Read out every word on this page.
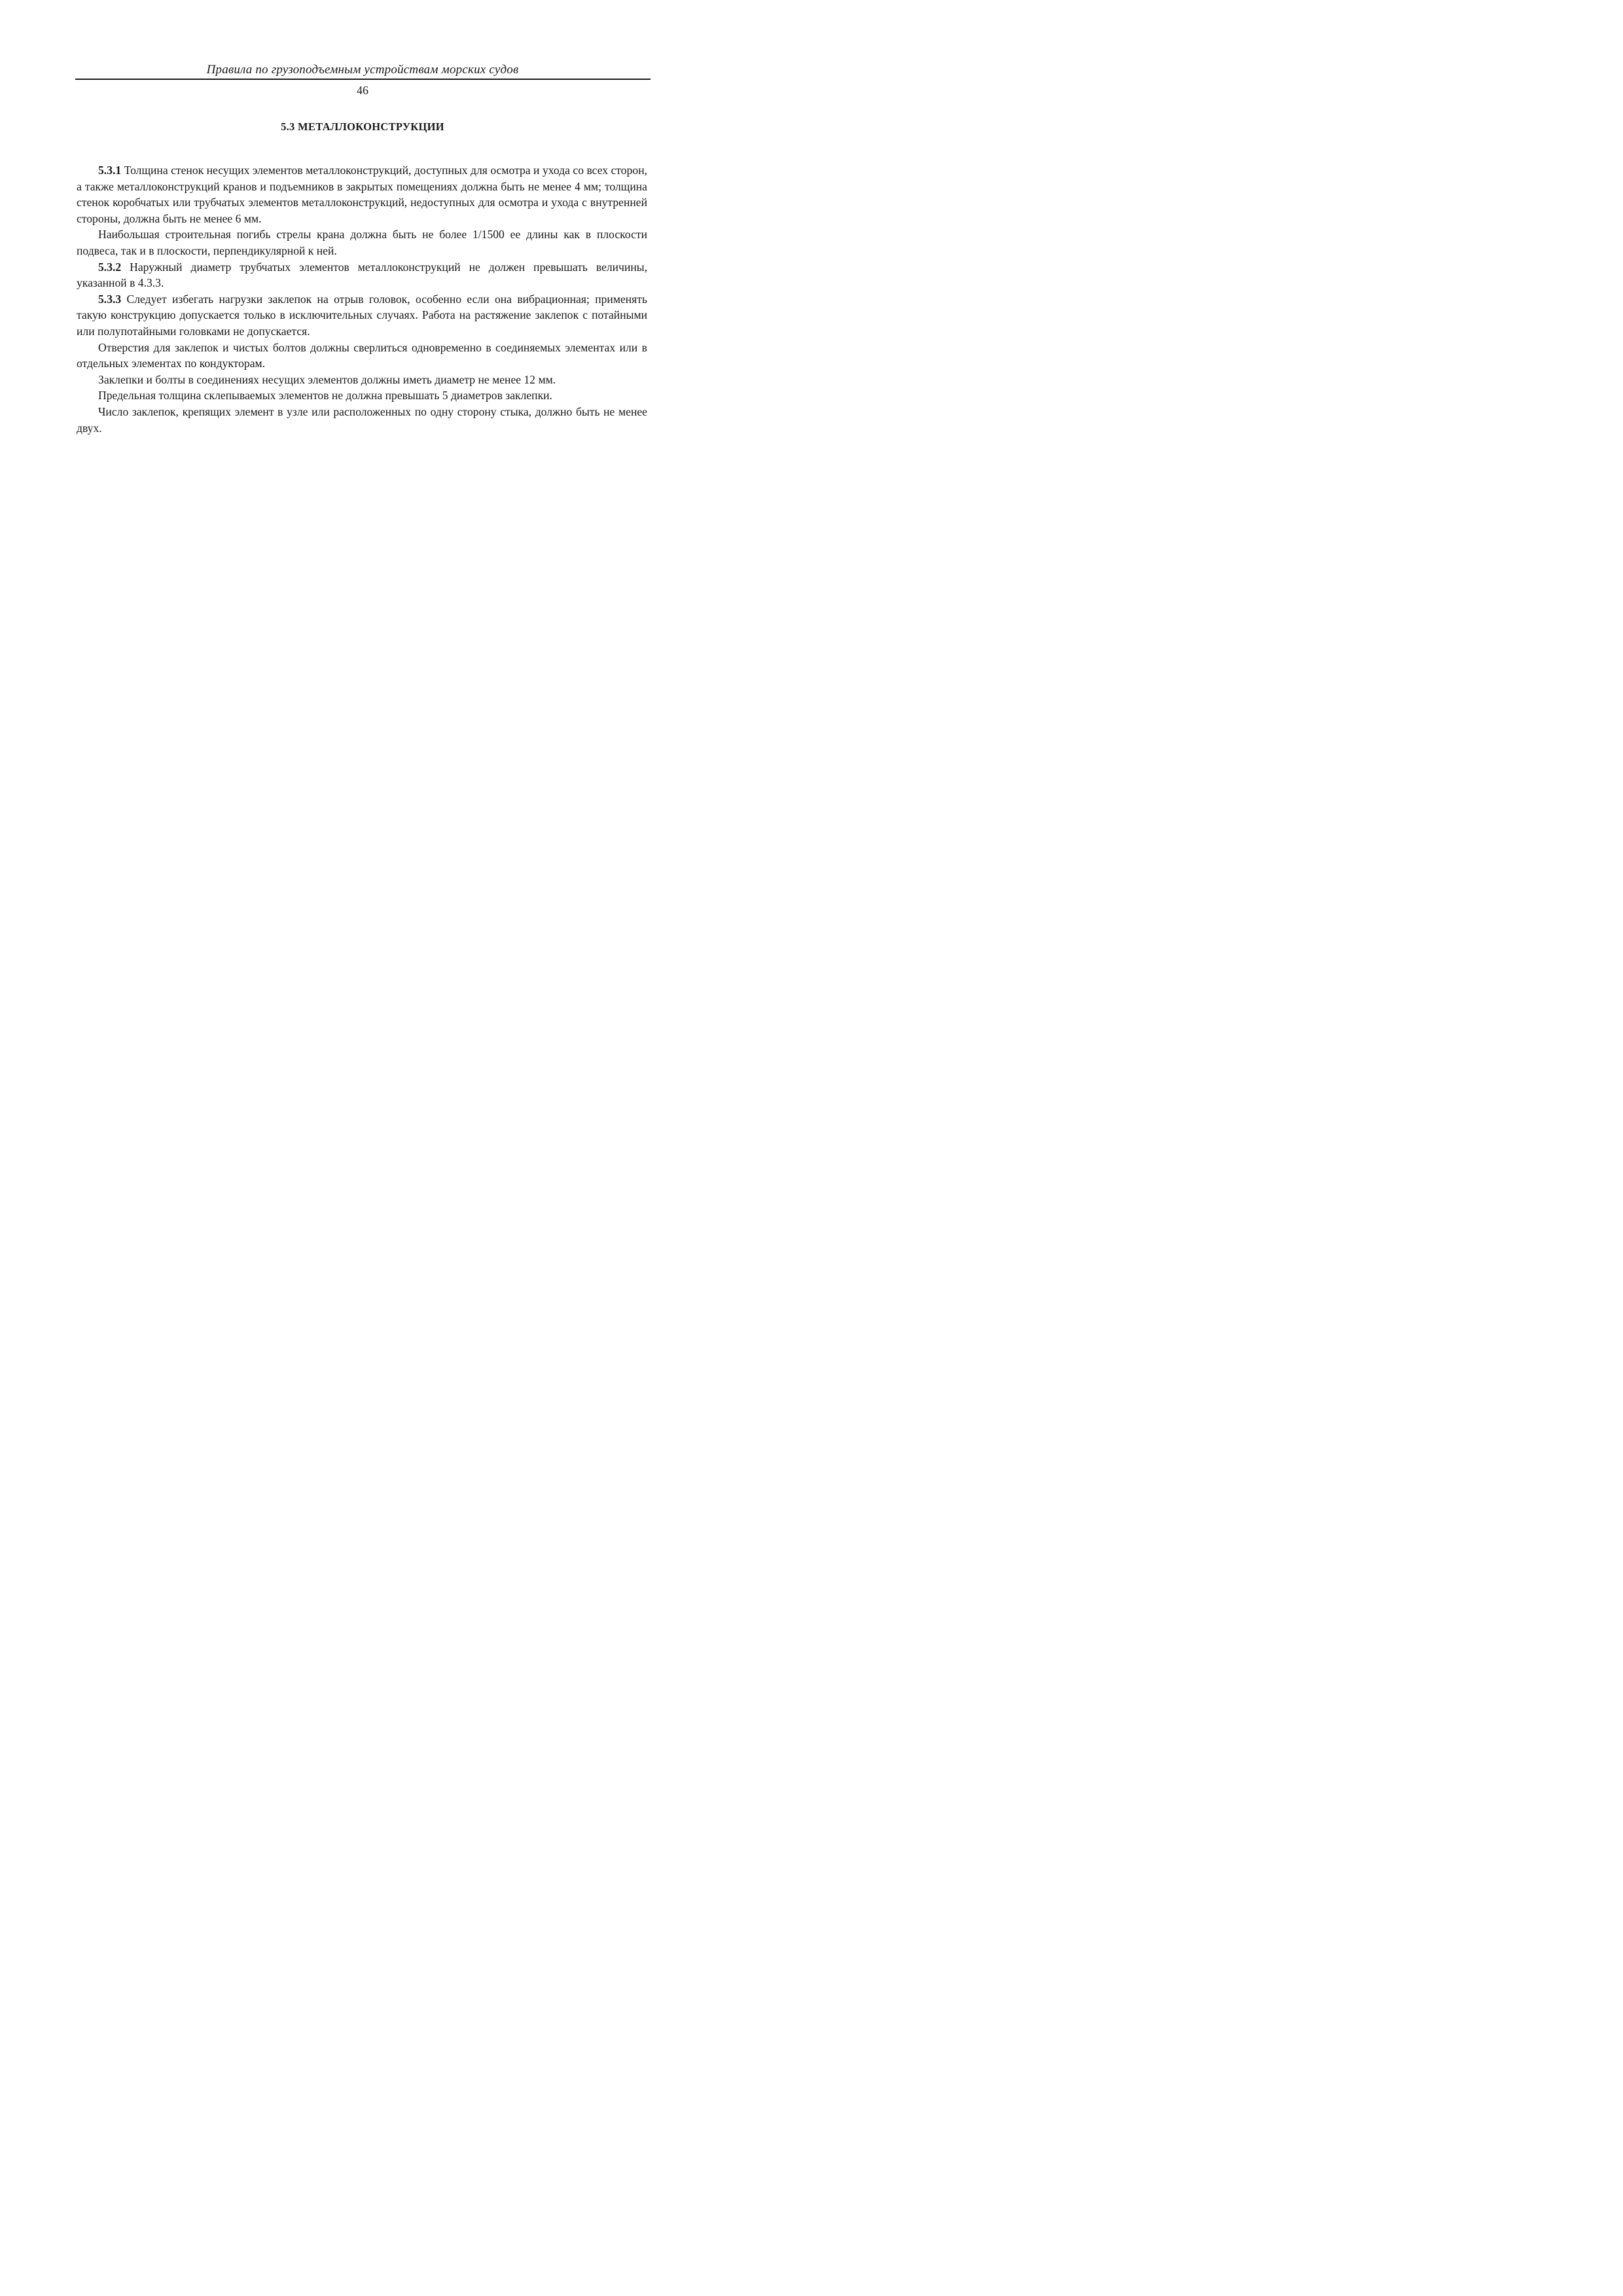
Правила по грузоподъемным устройствам морских судов
46
5.3 МЕТАЛЛОКОНСТРУКЦИИ

5.3.1 Толщина стенок несущих элементов металлоконструкций, доступных для осмотра и ухода со всех сторон, а также металлоконструкций кранов и подъемников в закрытых помещениях должна быть не менее 4 мм; толщина стенок коробчатых или трубчатых элементов металлоконструкций, недоступных для осмотра и ухода с внутренней стороны, должна быть не менее 6 мм.

Наибольшая строительная погибь стрелы крана должна быть не более 1/1500 ее длины как в плоскости подвеса, так и в плоскости, перпендикулярной к ней.

5.3.2 Наружный диаметр трубчатых элементов металлоконструкций не должен превышать величины, указанной в 4.3.3.

5.3.3 Следует избегать нагрузки заклепок на отрыв головок, особенно если она вибрационная; применять такую конструкцию допускается только в исключительных случаях. Работа на растяжение заклепок с потайными или полупотайными головками не допускается.

Отверстия для заклепок и чистых болтов должны сверлиться одновременно в соединяемых элементах или в отдельных элементах по кондукторам.

Заклепки и болты в соединениях несущих элементов должны иметь диаметр не менее 12 мм.

Предельная толщина склепываемых элементов не должна превышать 5 диаметров заклепки.

Число заклепок, крепящих элемент в узле или расположенных по одну сторону стыка, должно быть не менее двух.
